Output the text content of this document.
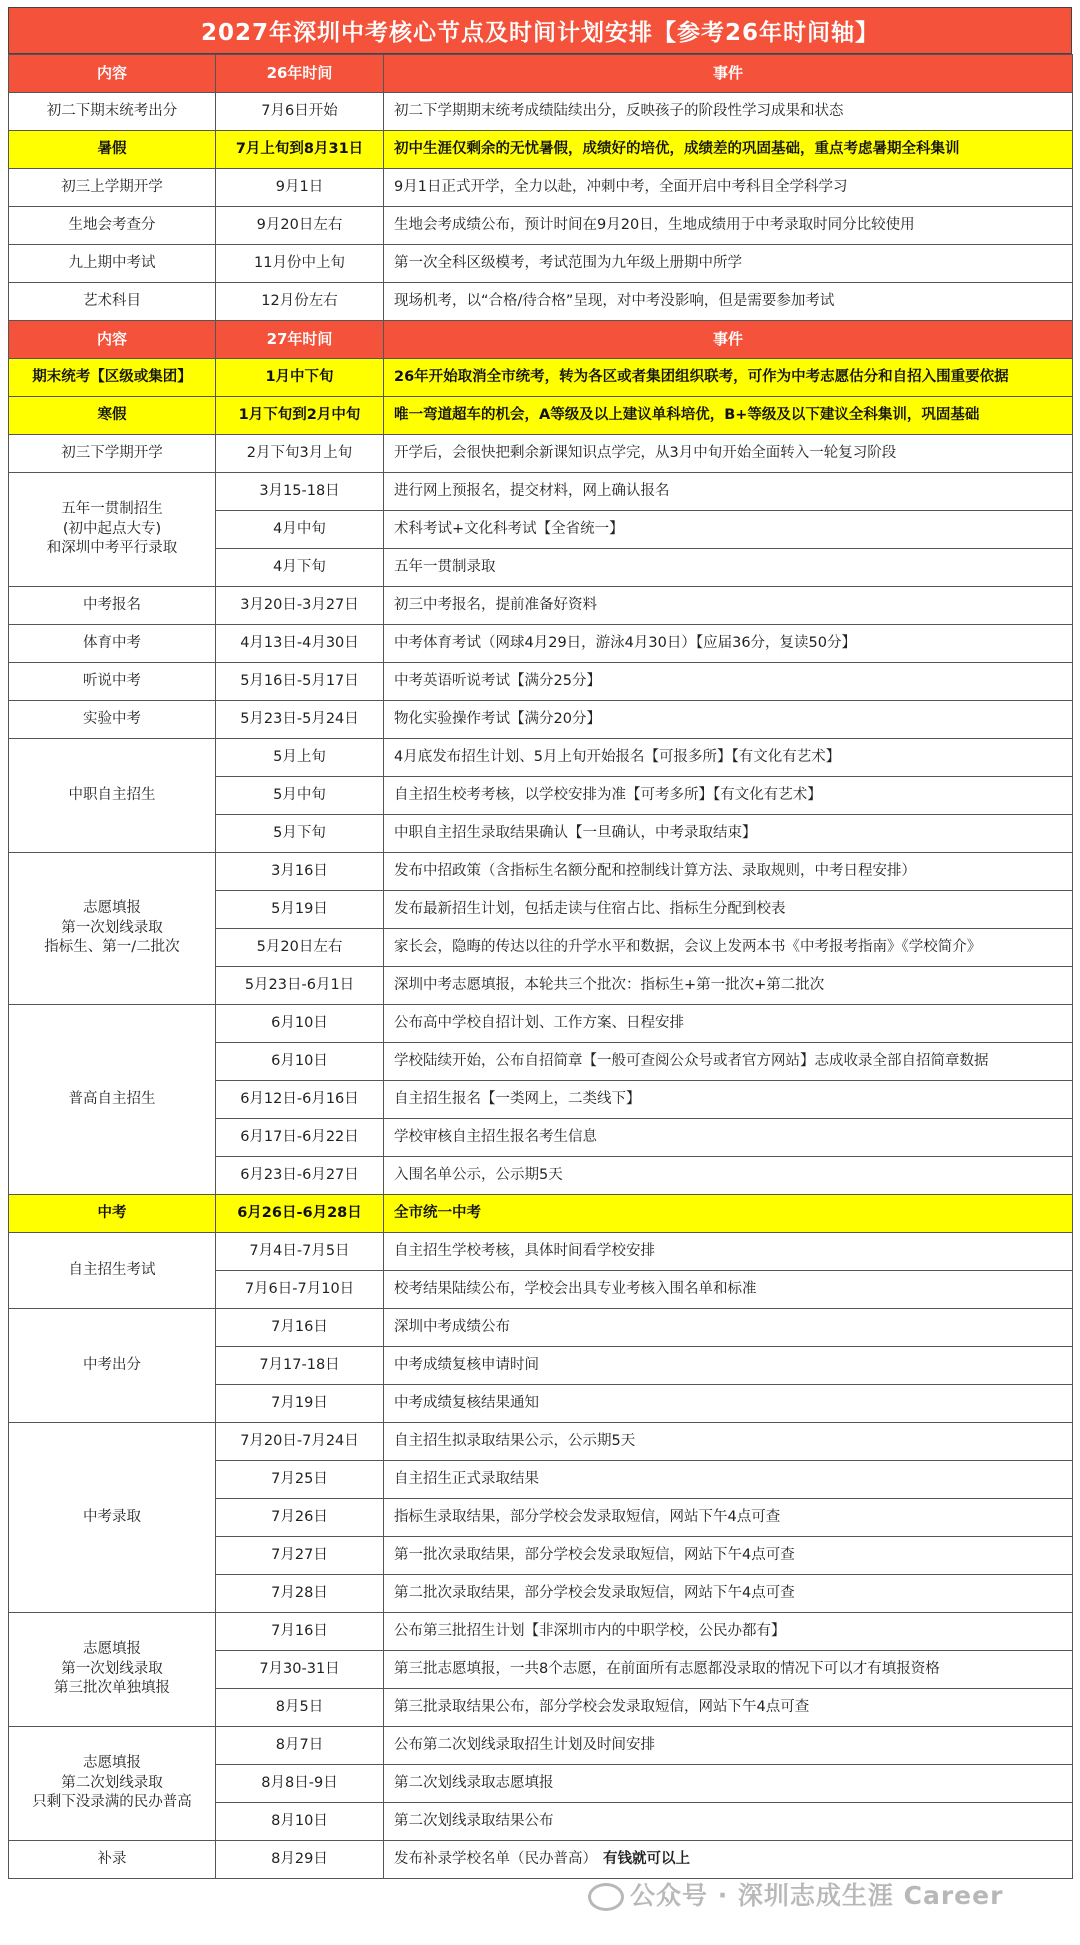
2027年深圳中考核心节点及时间计划安排【参考26年时间轴】
内容	26年时间	事件
初二下期末统考出分	7月6日开始	初二下学期期末统考成绩陆续出分，反映孩子的阶段性学习成果和状态
暑假	7月上旬到8月31日	初中生涯仅剩余的无忧暑假，成绩好的培优，成绩差的巩固基础，重点考虑暑期全科集训
初三上学期开学	9月1日	9月1日正式开学，全力以赴，冲刺中考，全面开启中考科目全学科学习
生地会考查分	9月20日左右	生地会考成绩公布，预计时间在9月20日，生地成绩用于中考录取时同分比较使用
九上期中考试	11月份中上旬	第一次全科区级模考，考试范围为九年级上册期中所学
艺术科目	12月份左右	现场机考，以“合格/待合格”呈现，对中考没影响，但是需要参加考试
内容	27年时间	事件
期末统考【区级或集团】	1月中下旬	26年开始取消全市统考，转为各区或者集团组织联考，可作为中考志愿估分和自招入围重要依据
寒假	1月下旬到2月中旬	唯一弯道超车的机会，A等级及以上建议单科培优，B+等级及以下建议全科集训，巩固基础
初三下学期开学	2月下旬3月上旬	开学后，会很快把剩余新课知识点学完，从3月中旬开始全面转入一轮复习阶段
五年一贯制招生
(初中起点大专)
和深圳中考平行录取	3月15-18日	进行网上预报名，提交材料，网上确认报名
	4月中旬	术科考试+文化科考试【全省统一】
	4月下旬	五年一贯制录取
中考报名	3月20日-3月27日	初三中考报名，提前准备好资料
体育中考	4月13日-4月30日	中考体育考试（网球4月29日，游泳4月30日）【应届36分，复读50分】
听说中考	5月16日-5月17日	中考英语听说考试【满分25分】
实验中考	5月23日-5月24日	物化实验操作考试【满分20分】
中职自主招生	5月上旬	4月底发布招生计划、5月上旬开始报名【可报多所】【有文化有艺术】
	5月中旬	自主招生校考考核，以学校安排为准【可考多所】【有文化有艺术】
	5月下旬	中职自主招生录取结果确认【一旦确认，中考录取结束】
志愿填报
第一次划线录取
指标生、第一/二批次	3月16日	发布中招政策（含指标生名额分配和控制线计算方法、录取规则，中考日程安排）
	5月19日	发布最新招生计划，包括走读与住宿占比、指标生分配到校表
	5月20日左右	家长会，隐晦的传达以往的升学水平和数据，会议上发两本书《中考报考指南》《学校简介》
	5月23日-6月1日	深圳中考志愿填报，本轮共三个批次：指标生+第一批次+第二批次
普高自主招生	6月10日	公布高中学校自招计划、工作方案、日程安排
	6月10日	学校陆续开始，公布自招简章【一般可查阅公众号或者官方网站】志成收录全部自招简章数据
	6月12日-6月16日	自主招生报名【一类网上，二类线下】
	6月17日-6月22日	学校审核自主招生报名考生信息
	6月23日-6月27日	入围名单公示，公示期5天
中考	6月26日-6月28日	全市统一中考
自主招生考试	7月4日-7月5日	自主招生学校考核，具体时间看学校安排
	7月6日-7月10日	校考结果陆续公布，学校会出具专业考核入围名单和标准
中考出分	7月16日	深圳中考成绩公布
	7月17-18日	中考成绩复核申请时间
	7月19日	中考成绩复核结果通知
中考录取	7月20日-7月24日	自主招生拟录取结果公示，公示期5天
	7月25日	自主招生正式录取结果
	7月26日	指标生录取结果，部分学校会发录取短信，网站下午4点可查
	7月27日	第一批次录取结果，部分学校会发录取短信，网站下午4点可查
	7月28日	第二批次录取结果，部分学校会发录取短信，网站下午4点可查
志愿填报
第一次划线录取
第三批次单独填报	7月16日	公布第三批招生计划【非深圳市内的中职学校，公民办都有】
	7月30-31日	第三批志愿填报，一共8个志愿，在前面所有志愿都没录取的情况下可以才有填报资格
	8月5日	第三批录取结果公布，部分学校会发录取短信，网站下午4点可查
志愿填报
第二次划线录取
只剩下没录满的民办普高	8月7日	公布第二次划线录取招生计划及时间安排
	8月8日-9日	第二次划线录取志愿填报
	8月10日	第二次划线录取结果公布
补录	8月29日	发布补录学校名单（民办普高） 有钱就可以上
公众号 · 深圳志成生涯 Career
